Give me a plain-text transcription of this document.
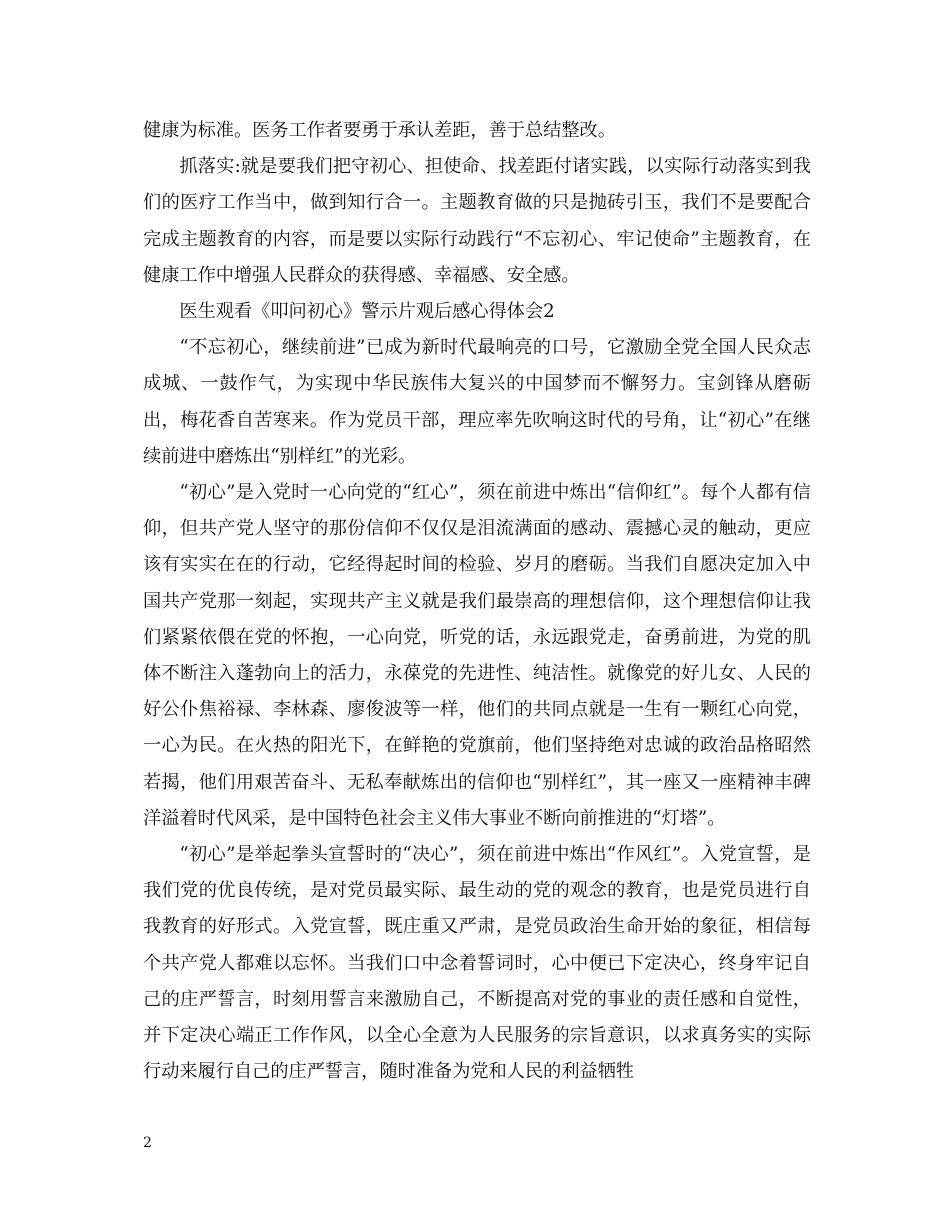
健康为标准。医务工作者要勇于承认差距，善于总结整改。

抓落实:就是要我们把守初心、担使命、找差距付诸实践，以实际行动落实到我们的医疗工作当中，做到知行合一。主题教育做的只是抛砖引玉，我们不是要配合完成主题教育的内容，而是要以实际行动践行“不忘初心、牢记使命”主题教育，在健康工作中增强人民群众的获得感、幸福感、安全感。

医生观看《叩问初心》警示片观后感心得体会2

“不忘初心，继续前进”已成为新时代最响亮的口号，它激励全党全国人民众志成城、一鼓作气，为实现中华民族伟大复兴的中国梦而不懈努力。宝剑锋从磨砺出，梅花香自苦寒来。作为党员干部，理应率先吹响这时代的号角，让“初心”在继续前进中磨炼出“别样红”的光彩。

“初心”是入党时一心向党的“红心”，须在前进中炼出“信仰红”。每个人都有信仰，但共产党人坚守的那份信仰不仅仅是泪流满面的感动、震撼心灵的触动，更应该有实实在在的行动，它经得起时间的检验、岁月的磨砺。当我们自愿决定加入中国共产党那一刻起，实现共产主义就是我们最崇高的理想信仰，这个理想信仰让我们紧紧依偎在党的怀抱，一心向党，听党的话，永远跟党走，奋勇前进，为党的肌体不断注入蓬勃向上的活力，永葆党的先进性、纯洁性。就像党的好儿女、人民的好公仆焦裕禄、李林森、廖俊波等一样，他们的共同点就是一生有一颗红心向党，一心为民。在火热的阳光下，在鲜艳的党旗前，他们坚持绝对忠诚的政治品格昭然若揭，他们用艰苦奋斗、无私奉献炼出的信仰也“别样红”，其一座又一座精神丰碑洋溢着时代风采，是中国特色社会主义伟大事业不断向前推进的“灯塔”。

“初心”是举起拳头宣誓时的“决心”，须在前进中炼出“作风红”。入党宣誓，是我们党的优良传统，是对党员最实际、最生动的党的观念的教育，也是党员进行自我教育的好形式。入党宣誓，既庄重又严肃，是党员政治生命开始的象征，相信每个共产党人都难以忘怀。当我们口中念着誓词时，心中便已下定决心，终身牢记自己的庄严誓言，时刻用誓言来激励自己，不断提高对党的事业的责任感和自觉性，并下定决心端正工作作风，以全心全意为人民服务的宗旨意识，以求真务实的实际行动来履行自己的庄严誓言，随时准备为党和人民的利益牺牲

2
